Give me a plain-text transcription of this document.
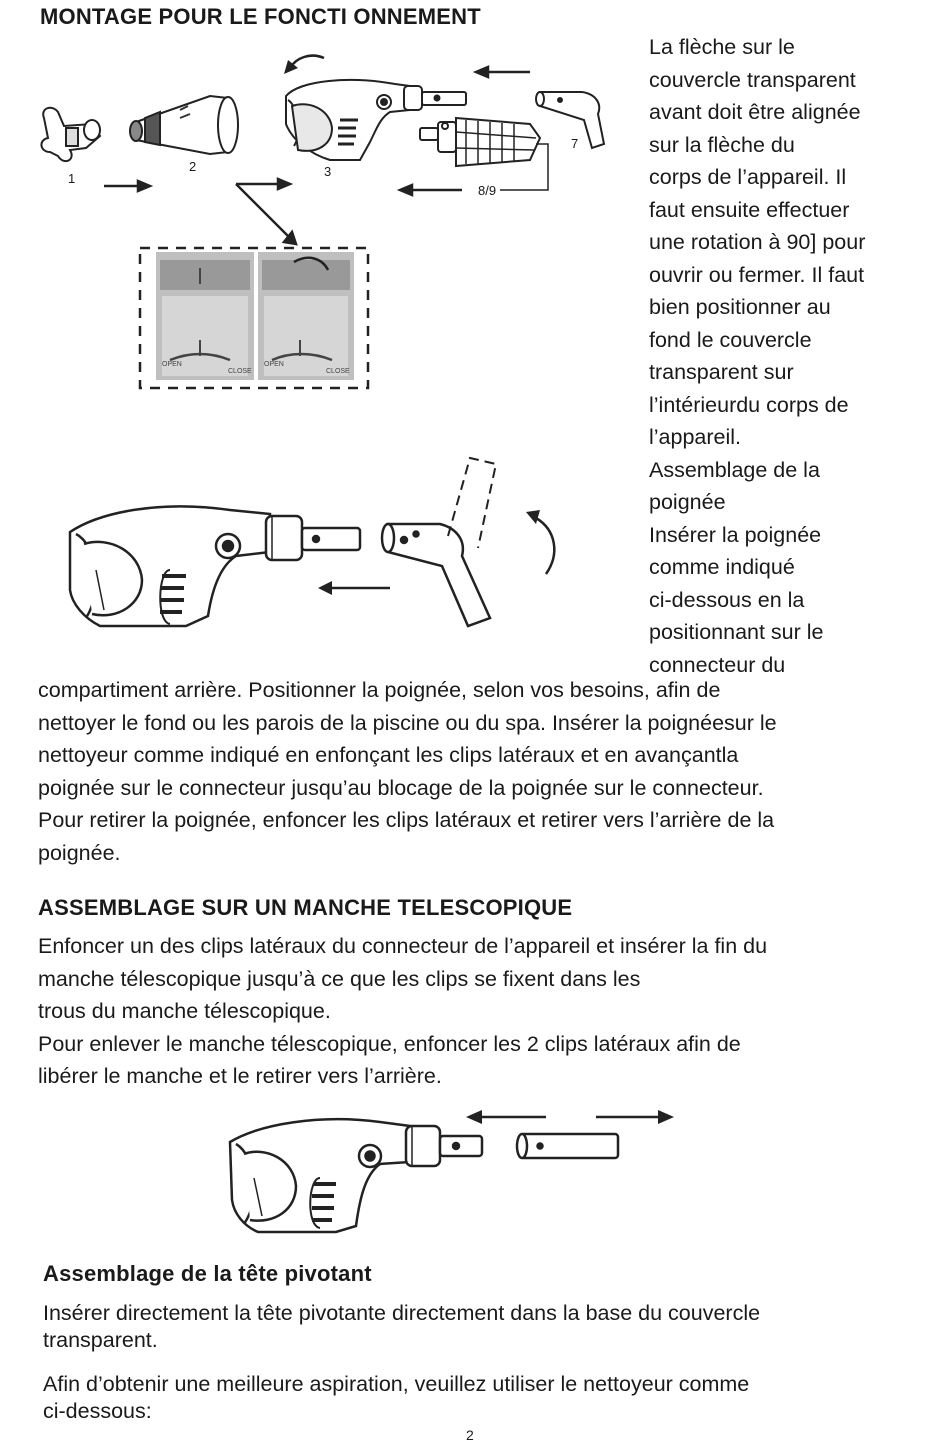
MONTAGE POUR LE FONCTI ONNEMENT
1
2	3
7
8/9
OPEN
CLOSE
OPEN
CLOSE
La flèche sur le
couvercle transparent
avant doit être alignée
sur la flèche du
corps de l’appareil. Il
faut ensuite effectuer
une rotation à 90] pour
ouvrir ou fermer. Il faut
bien positionner au
fond le couvercle
transparent sur
l’intérieurdu corps de
l’appareil.
Assemblage de la
poignée
Insérer la poignée
comme indiqué
ci-dessous en la
positionnant sur le
connecteur du
compartiment arrière. Positionner la poignée, selon vos besoins, afin de
nettoyer le fond ou les parois de la piscine ou du spa. Insérer la poignéesur le
nettoyeur comme indiqué en enfonçant les clips latéraux et en avançantla
poignée sur le connecteur jusqu’au blocage de la poignée sur le connecteur.
Pour retirer la poignée, enfoncer les clips latéraux et retirer vers l’arrière de la
poignée.
ASSEMBLAGE SUR UN MANCHE TELESCOPIQUE
Enfoncer un des clips latéraux du connecteur de l’appareil et insérer la fin du
manche télescopique jusqu’à ce que les clips se fixent dans les
trous du manche télescopique.
Pour enlever le manche télescopique, enfoncer les 2 clips latéraux afin de
libérer le manche et le retirer vers l’arrière.
Assemblage de la tête pivotant
Insérer directement la tête pivotante directement dans la base du couvercle
transparent.
Afin d’obtenir une meilleure aspiration, veuillez utiliser le nettoyeur comme
ci-dessous:
2
